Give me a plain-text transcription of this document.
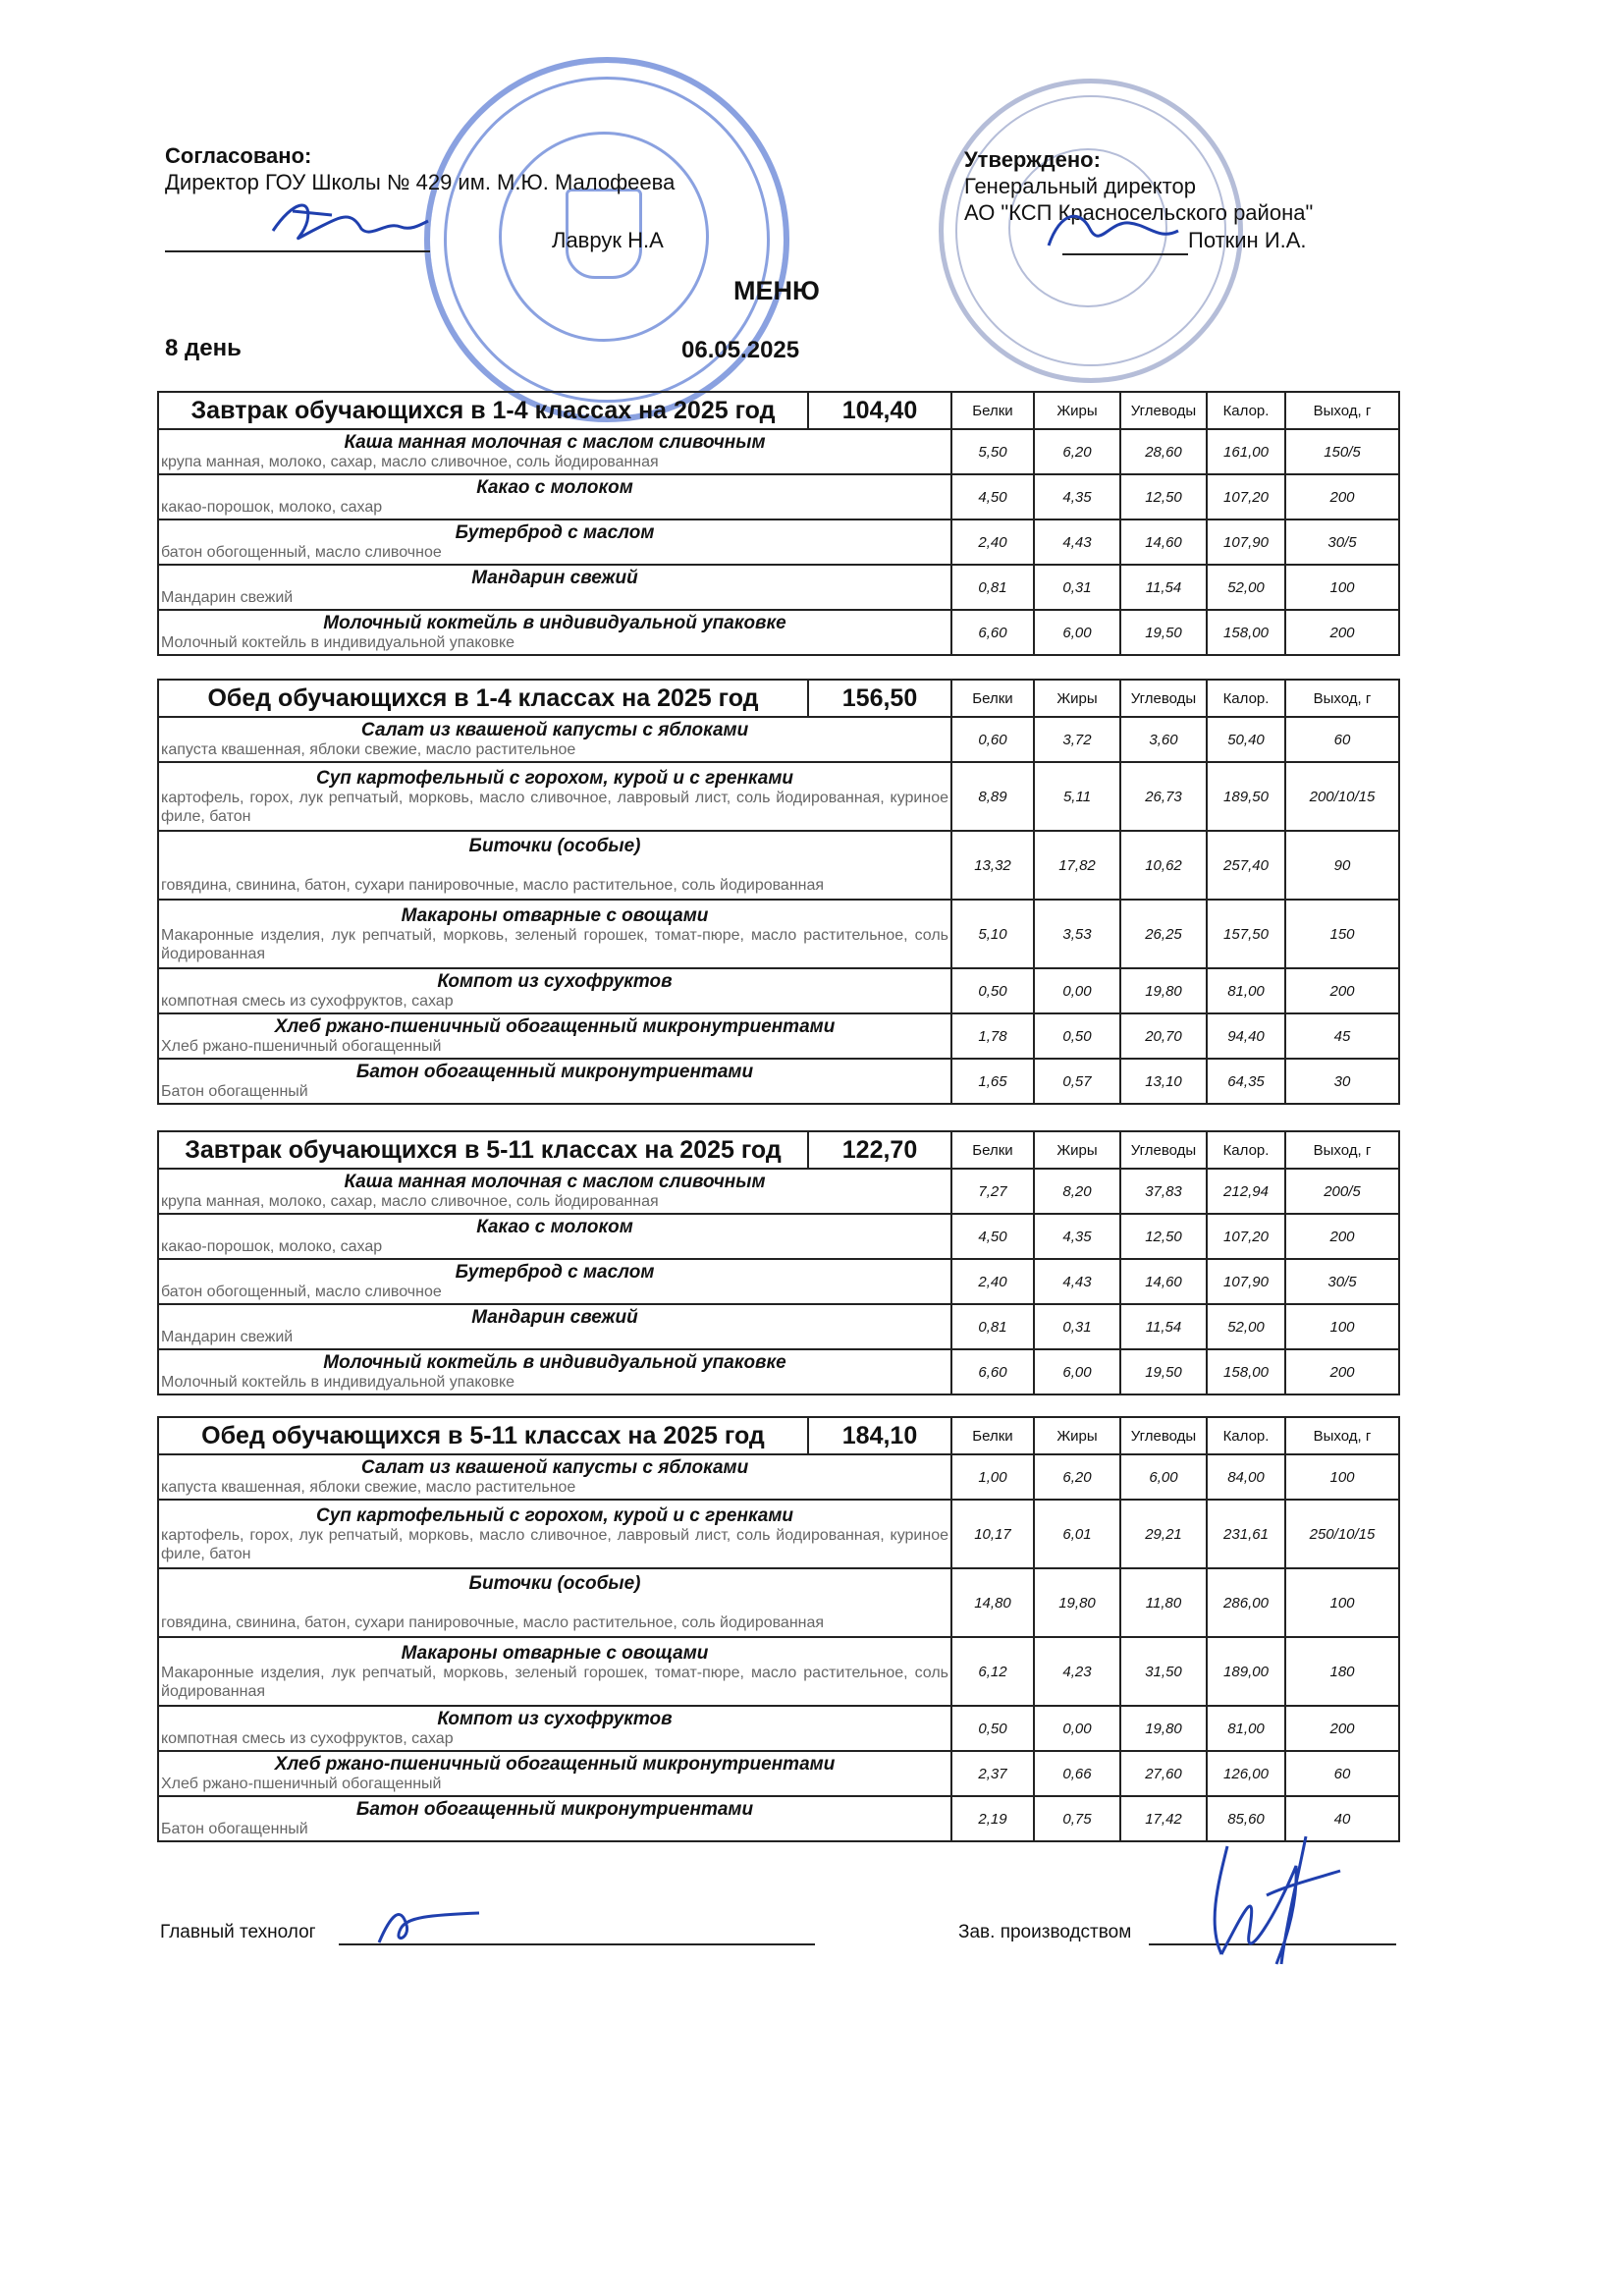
Согласовано:
Директор ГОУ Школы № 429 им. М.Ю. Малофеева
Лаврук Н.А
Утверждено:
Генеральный директор
АО "КСП Красносельского района"
Поткин И.А.
МЕНЮ
8 день	06.05.2025
Завтрак обучающихся в 1-4 классах на 2025 год	104,40	Белки	Жиры	Углеводы	Калор.	Выход, г

Каша манная молочная с маслом сливочным
крупа манная, молоко, сахар, масло сливочное, соль йодированная		5,50	6,20	28,60	161,00	150/5

Какао с молоком
какао-порошок, молоко, сахар		4,50	4,35	12,50	107,20	200

Бутерброд с маслом
батон обогощенный, масло сливочное		2,40	4,43	14,60	107,90	30/5

Мандарин свежий
Мандарин свежий		0,81	0,31	11,54	52,00	100

Молочный коктейль в индивидуальной упаковке
Молочный коктейль в индивидуальной упаковке		6,60	6,00	19,50	158,00	200
Обед обучающихся в 1-4 классах на 2025 год	156,50	Белки	Жиры	Углеводы	Калор.	Выход, г

Салат из квашеной капусты с яблоками
капуста квашенная, яблоки свежие, масло растительное		0,60	3,72	3,60	50,40	60

Суп картофельный с горохом, курой и с гренками
картофель, горох, лук репчатый, морковь, масло сливочное, лавровый лист, соль йодированная, куриное филе, батон		8,89	5,11	26,73	189,50	200/10/15

Биточки (особые)
говядина, свинина, батон, сухари панировочные, масло растительное, соль йодированная		13,32	17,82	10,62	257,40	90

Макароны отварные с овощами
Макаронные изделия, лук репчатый, морковь, зеленый горошек, томат-пюре, масло растительное, соль йодированная		5,10	3,53	26,25	157,50	150

Компот из сухофруктов
компотная смесь из сухофруктов, сахар		0,50	0,00	19,80	81,00	200

Хлеб ржано-пшеничный обогащенный микронутриентами
Хлеб ржано-пшеничный обогащенный		1,78	0,50	20,70	94,40	45

Батон обогащенный микронутриентами
Батон обогащенный		1,65	0,57	13,10	64,35	30
Завтрак обучающихся в 5-11 классах на 2025 год	122,70	Белки	Жиры	Углеводы	Калор.	Выход, г

Каша манная молочная с маслом сливочным
крупа манная, молоко, сахар, масло сливочное, соль йодированная		7,27	8,20	37,83	212,94	200/5

Какао с молоком
какао-порошок, молоко, сахар		4,50	4,35	12,50	107,20	200

Бутерброд с маслом
батон обогощенный, масло сливочное		2,40	4,43	14,60	107,90	30/5

Мандарин свежий
Мандарин свежий		0,81	0,31	11,54	52,00	100

Молочный коктейль в индивидуальной упаковке
Молочный коктейль в индивидуальной упаковке		6,60	6,00	19,50	158,00	200
Обед обучающихся в 5-11 классах на 2025 год	184,10	Белки	Жиры	Углеводы	Калор.	Выход, г

Салат из квашеной капусты с яблоками
капуста квашенная, яблоки свежие, масло растительное		1,00	6,20	6,00	84,00	100

Суп картофельный с горохом, курой и с гренками
картофель, горох, лук репчатый, морковь, масло сливочное, лавровый лист, соль йодированная, куриное филе, батон		10,17	6,01	29,21	231,61	250/10/15

Биточки (особые)
говядина, свинина, батон, сухари панировочные, масло растительное, соль йодированная		14,80	19,80	11,80	286,00	100

Макароны отварные с овощами
Макаронные изделия, лук репчатый, морковь, зеленый горошек, томат-пюре, масло растительное, соль йодированная		6,12	4,23	31,50	189,00	180

Компот из сухофруктов
компотная смесь из сухофруктов, сахар		0,50	0,00	19,80	81,00	200

Хлеб ржано-пшеничный обогащенный микронутриентами
Хлеб ржано-пшеничный обогащенный		2,37	0,66	27,60	126,00	60

Батон обогащенный микронутриентами
Батон обогащенный		2,19	0,75	17,42	85,60	40
Главный технолог	Зав. производством
